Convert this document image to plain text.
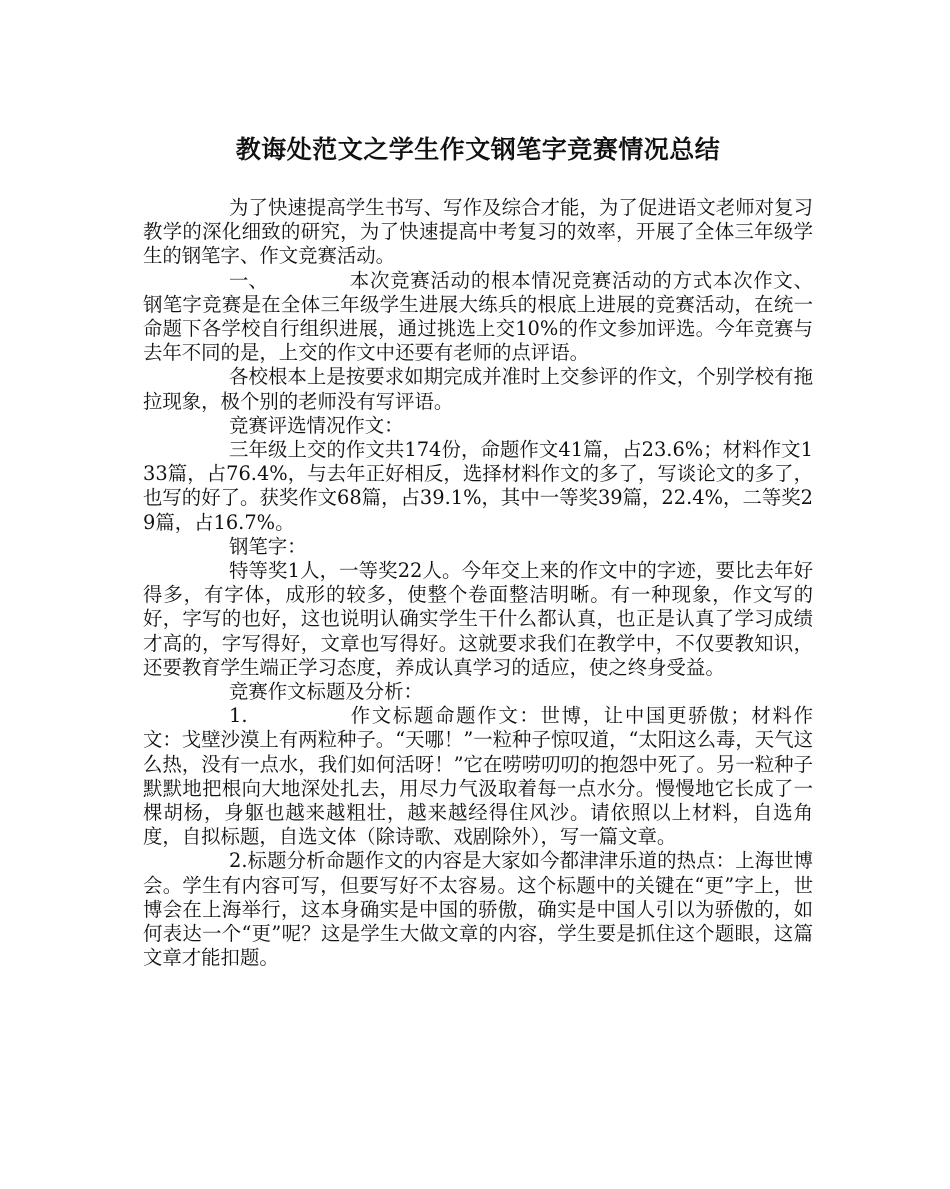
教诲处范文之学生作文钢笔字竞赛情况总结

为了快速提高学生书写、写作及综合才能，为了促进语文老师对复习教学的深化细致的研究，为了快速提高中考复习的效率，开展了全体三年级学生的钢笔字、作文竞赛活动。

一、	本次竞赛活动的根本情况竞赛活动的方式本次作文、钢笔字竞赛是在全体三年级学生进展大练兵的根底上进展的竞赛活动，在统一命题下各学校自行组织进展，通过挑选上交10%的作文参加评选。今年竞赛与去年不同的是，上交的作文中还要有老师的点评语。

各校根本上是按要求如期完成并准时上交参评的作文，个别学校有拖拉现象，极个别的老师没有写评语。

竞赛评选情况作文：

三年级上交的作文共174份，命题作文41篇，占23.6%；材料作文133篇，占76.4%，与去年正好相反，选择材料作文的多了，写谈论文的多了，也写的好了。获奖作文68篇，占39.1%，其中一等奖39篇，22.4%，二等奖29篇，占16.7%。

钢笔字：

特等奖1人，一等奖22人。今年交上来的作文中的字迹，要比去年好得多，有字体，成形的较多，使整个卷面整洁明晰。有一种现象，作文写的好，字写的也好，这也说明认确实学生干什么都认真，也正是认真了学习成绩才高的，字写得好，文章也写得好。这就要求我们在教学中，不仅要教知识，还要教育学生端正学习态度，养成认真学习的适应，使之终身受益。

竞赛作文标题及分析：

1.	作文标题命题作文：世博，让中国更骄傲；材料作文：戈壁沙漠上有两粒种子。“天哪！”一粒种子惊叹道，“太阳这么毒，天气这么热，没有一点水，我们如何活呀！”它在唠唠叨叨的抱怨中死了。另一粒种子默默地把根向大地深处扎去，用尽力气汲取着每一点水分。慢慢地它长成了一棵胡杨，身躯也越来越粗壮，越来越经得住风沙。请依照以上材料，自选角度，自拟标题，自选文体（除诗歌、戏剧除外），写一篇文章。

2.标题分析命题作文的内容是大家如今都津津乐道的热点：上海世博会。学生有内容可写，但要写好不太容易。这个标题中的关键在“更”字上，世博会在上海举行，这本身确实是中国的骄傲，确实是中国人引以为骄傲的，如何表达一个“更”呢？这是学生大做文章的内容，学生要是抓住这个题眼，这篇文章才能扣题。
